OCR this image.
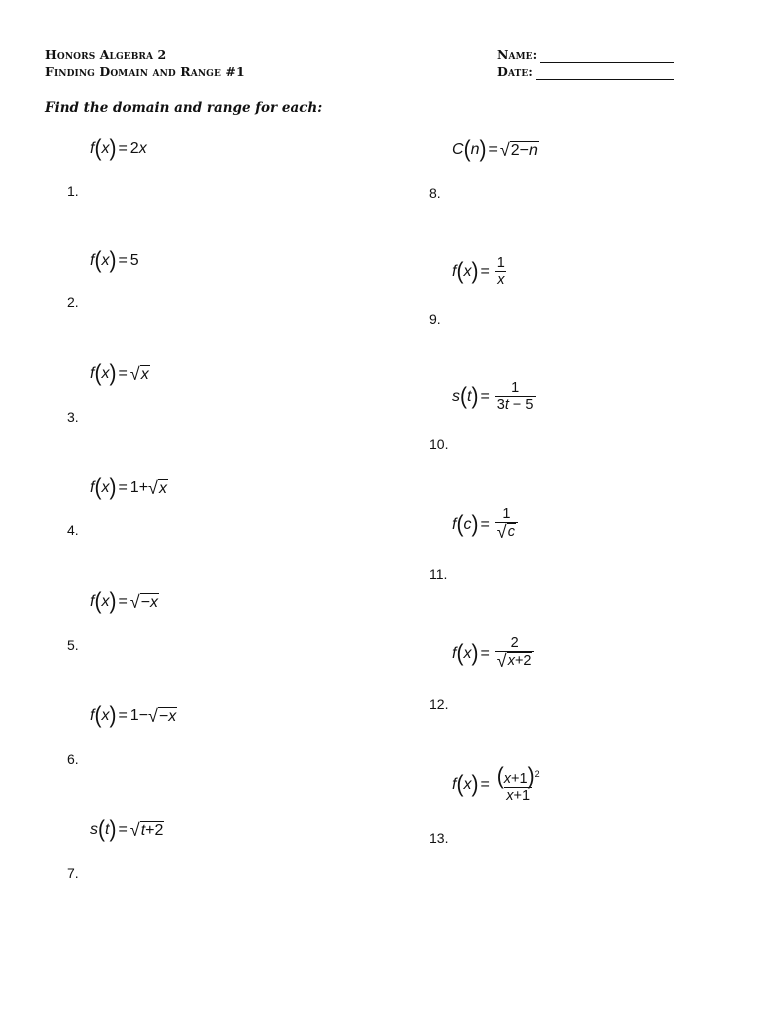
Honors Algebra 2
Finding Domain and Range #1
Name:
Date:
Find the domain and range for each:
f ( x ) = 2 x
1.
f ( x ) = 5
2.
f ( x ) = √ x
3.
f ( x ) = 1+ √ x
4.
f ( x ) = √ −x
5.
f ( x ) = 1− √ −x
6.
s ( t ) = √ t+2
7.
C ( n ) = √ 2−n
8.
f ( x ) = $\frac{1}{x}$
9.
s ( t ) = $\frac{1}{3t - 5}$
10.
f ( c ) = $\frac{1}{√ c}$
11.
f ( x ) = $\frac{2}{√ x+2}$
12.
f ( x ) = $\frac{(x+1)^2}{x+1}$
13.
